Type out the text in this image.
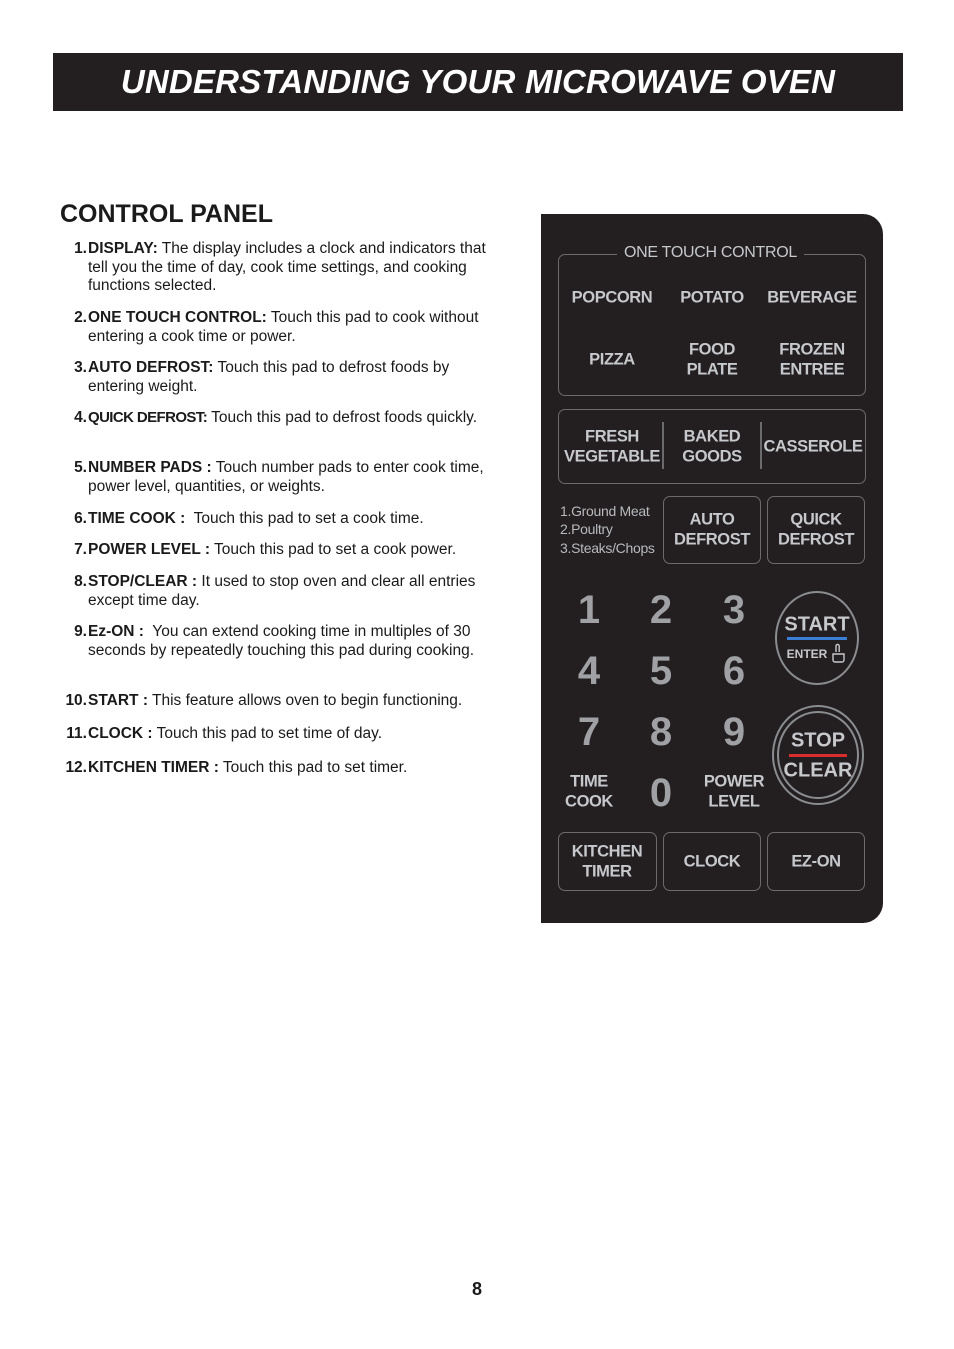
UNDERSTANDING YOUR MICROWAVE OVEN
CONTROL PANEL
1. DISPLAY: The display includes a clock and indicators that tell you the time of day, cook time settings, and cooking functions selected.
2. ONE TOUCH CONTROL: Touch this pad to cook without entering a cook time or power.
3. AUTO DEFROST: Touch this pad to defrost foods by entering weight.
4. QUICK DEFROST: Touch this pad to defrost foods quickly.
5. NUMBER PADS : Touch number pads to enter cook time, power level, quantities, or weights.
6. TIME COOK :  Touch this pad to set a cook time.
7. POWER LEVEL : Touch this pad to set a cook power.
8. STOP/CLEAR : It used to stop oven and clear all entries except time day.
9. Ez-ON :  You can extend cooking time in multiples of 30 seconds by repeatedly touching this pad during cooking.
10. START : This feature allows oven to begin functioning.
11. CLOCK : Touch this pad to set time of day.
12. KITCHEN TIMER : Touch this pad to set timer.
ONE TOUCH CONTROL
POPCORN POTATO BEVERAGE
PIZZA
FOOD
PLATE
FROZEN
ENTREE
FRESH
VEGETABLE
BAKED
GOODS
CASSEROLE
1.Ground Meat
2.Poultry
3.Steaks/Chops
AUTO
DEFROST
QUICK
DEFROST
1 2 3
4 5 6
7 8 9
TIME
COOK 0 POWER
LEVEL
START
ENTER
STOP
CLEAR
KITCHEN
TIMER
CLOCK	EZ-ON
8
